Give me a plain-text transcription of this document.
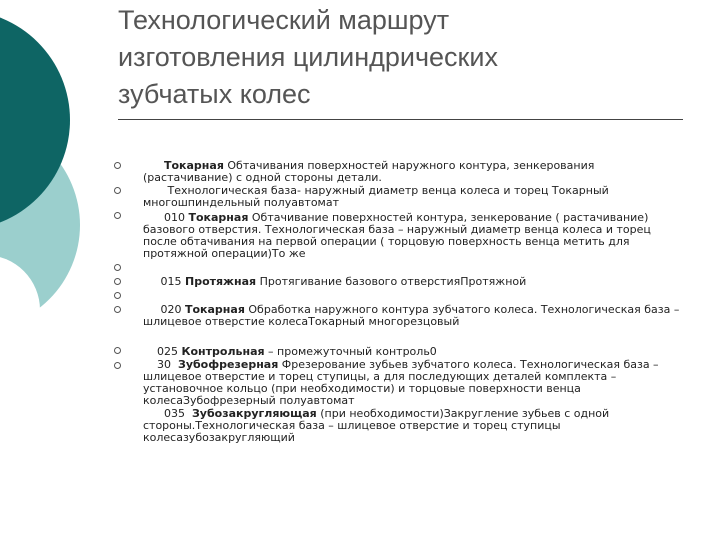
Технологический маршрут
изготовления цилиндрических
зубчатых колес
Токарная Обтачивания поверхностей наружного контура, зенкерования (растачивание) с одной стороны детали.
Технологическая база- наружный диаметр венца колеса и торец Токарный многошпиндельный полуавтомат
010 Токарная Обтачивание поверхностей контура, зенкерование ( растачивание) базового отверстия. Технологическая база – наружный диаметр венца колеса и торец после обтачивания на первой операции ( торцовую поверхность венца метить для протяжной операции)То же
015 Протяжная Протягивание базового отверстияПротяжной
020 Токарная Обработка наружного контура зубчатого колеса. Технологическая база – шлицевое отверстие колесаТокарный многорезцовый
025 Контрольная – промежуточный контроль0
30  Зубофрезерная Фрезерование зубьев зубчатого колеса. Технологическая база – шлицевое отверстие и торец ступицы, а для последующих деталей комплекта – установочное кольцо (при необходимости) и торцовые поверхности венца колесаЗубофрезерный полуавтомат
035  Зубозакругляющая (при необходимости)Закругление зубьев с одной стороны.Технологическая база – шлицевое отверстие и торец ступицы колесазубозакругляющий
